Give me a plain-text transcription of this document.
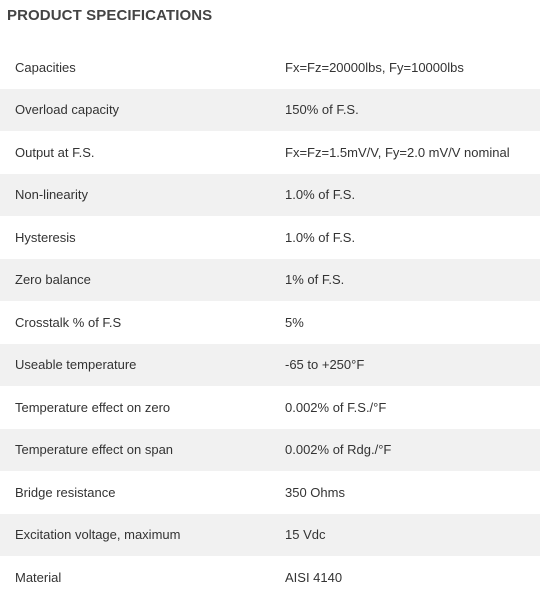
PRODUCT SPECIFICATIONS
Capacities	Fx=Fz=20000lbs, Fy=10000lbs
Overload capacity	150% of F.S.
Output at F.S.	Fx=Fz=1.5mV/V, Fy=2.0 mV/V nominal
Non-linearity	1.0% of F.S.
Hysteresis	1.0% of F.S.
Zero balance	1% of F.S.
Crosstalk % of F.S	5%
Useable temperature	-65 to +250°F
Temperature effect on zero	0.002% of F.S./°F
Temperature effect on span	0.002% of Rdg./°F
Bridge resistance	350 Ohms
Excitation voltage, maximum	15 Vdc
Material	AISI 4140
